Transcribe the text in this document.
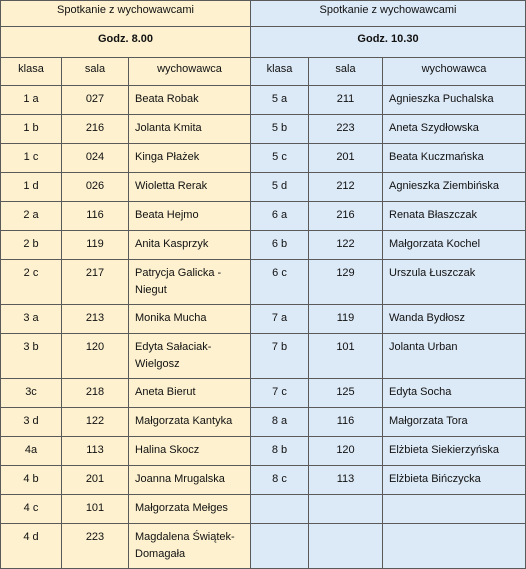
Spotkanie z wychowawcami			Spotkanie z wychowawcami		
Godz. 8.00			Godz. 10.30		
klasa	sala	wychowawca	klasa	sala	wychowawca
1 a	027	Beata Robak	5 a	211	Agnieszka Puchalska
1 b	216	Jolanta Kmita	5 b	223	Aneta Szydłowska
1 c	024	Kinga Płażek	5 c	201	Beata Kuczmańska
1 d	026	Wioletta Rerak	5 d	212	Agnieszka Ziembińska
2 a	116	Beata Hejmo	6 a	216	Renata Błaszczak
2 b	119	Anita Kasprzyk	6 b	122	Małgorzata Kochel
2 c	217	Patrycja Galicka - Niegut	6 c	129	Urszula Łuszczak
3 a	213	Monika Mucha	7 a	119	Wanda Bydłosz
3 b	120	Edyta Sałaciak-Wielgosz	7 b	101	Jolanta Urban
3c	218	Aneta Bierut	7 c	125	Edyta Socha
3 d	122	Małgorzata Kantyka	8 a	116	Małgorzata Tora
4a	113	Halina Skocz	8 b	120	Elżbieta Siekierzyńska
4 b	201	Joanna Mrugalska	8 c	113	Elżbieta Bińczycka
4 c	101	Małgorzata Mełges			
4 d	223	Magdalena Świątek-Domagała			
